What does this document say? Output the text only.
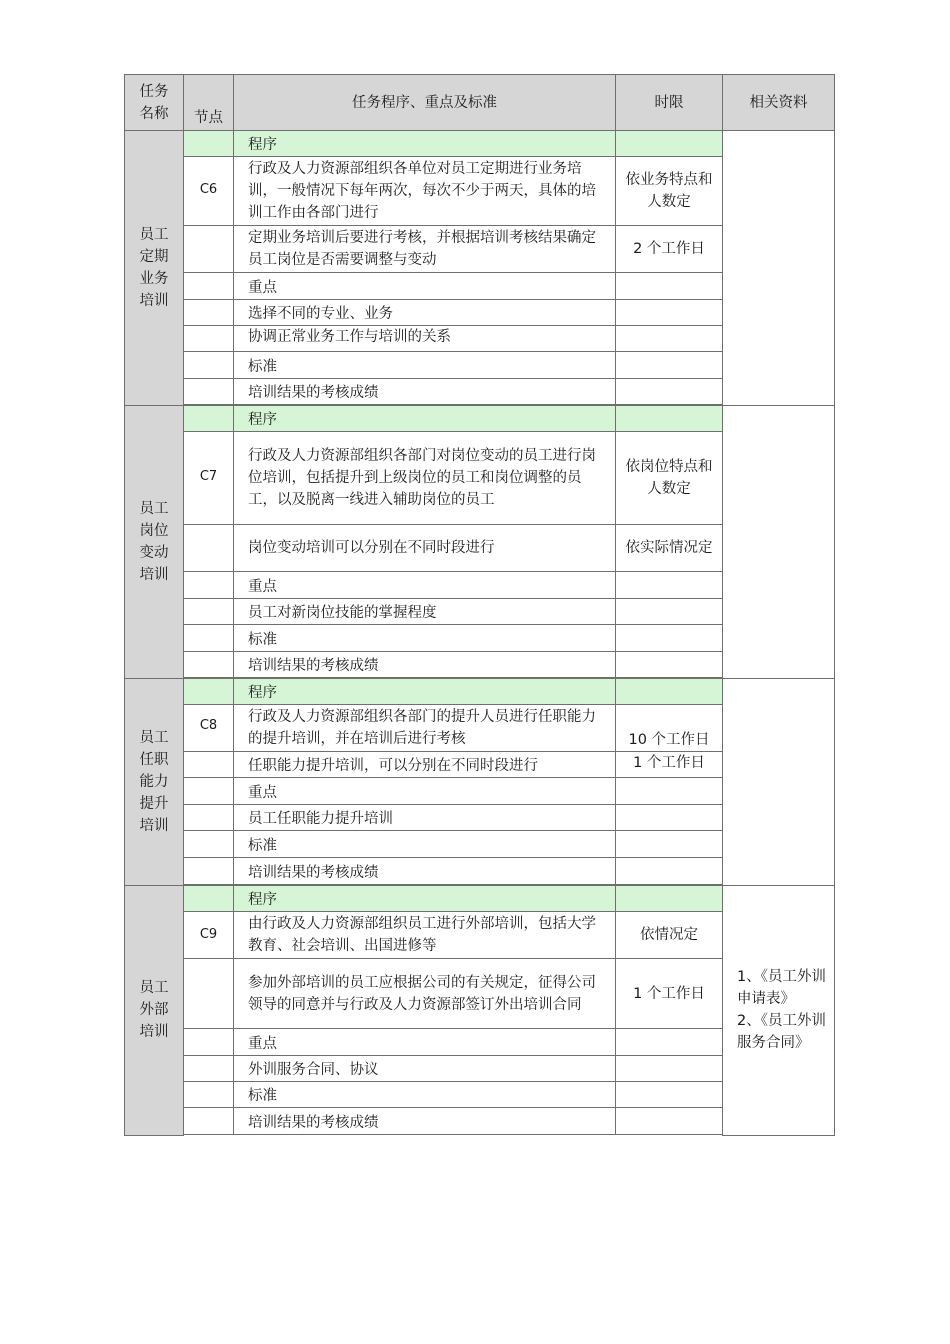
任务名称	节点	任务程序、重点及标准	时限	相关资料
员工定期业务培训		程序		
	C6	行政及人力资源部组织各单位对员工定期进行业务培训，一般情况下每年两次，每次不少于两天，具体的培训工作由各部门进行	依业务特点和人数定	
		定期业务培训后要进行考核，并根据培训考核结果确定员工岗位是否需要调整与变动	2 个工作日	
		重点		
		选择不同的专业、业务		
		协调正常业务工作与培训的关系		
		标准		
		培训结果的考核成绩		

员工岗位变动培训		程序		
	C7	行政及人力资源部组织各部门对岗位变动的员工进行岗位培训，包括提升到上级岗位的员工和岗位调整的员工，以及脱离一线进入辅助岗位的员工	依岗位特点和人数定	
		岗位变动培训可以分别在不同时段进行	依实际情况定	
		重点		
		员工对新岗位技能的掌握程度		
		标准		
		培训结果的考核成绩		

员工任职能力提升培训		程序		
	C8	行政及人力资源部组织各部门的提升人员进行任职能力的提升培训，并在培训后进行考核	10 个工作日	
		任职能力提升培训，可以分别在不同时段进行	1 个工作日	
		重点		
		员工任职能力提升培训		
		标准		
		培训结果的考核成绩		

员工外部培训		程序		1、《员工外训申请表》
2、《员工外训服务合同》

	C9	由行政及人力资源部组织员工进行外部培训，包括大学教育、社会培训、出国进修等	依情况定	
		参加外部培训的员工应根据公司的有关规定，征得公司领导的同意并与行政及人力资源部签订外出培训合同	1 个工作日	
		重点		
		外训服务合同、协议		
		标准		
		培训结果的考核成绩		
